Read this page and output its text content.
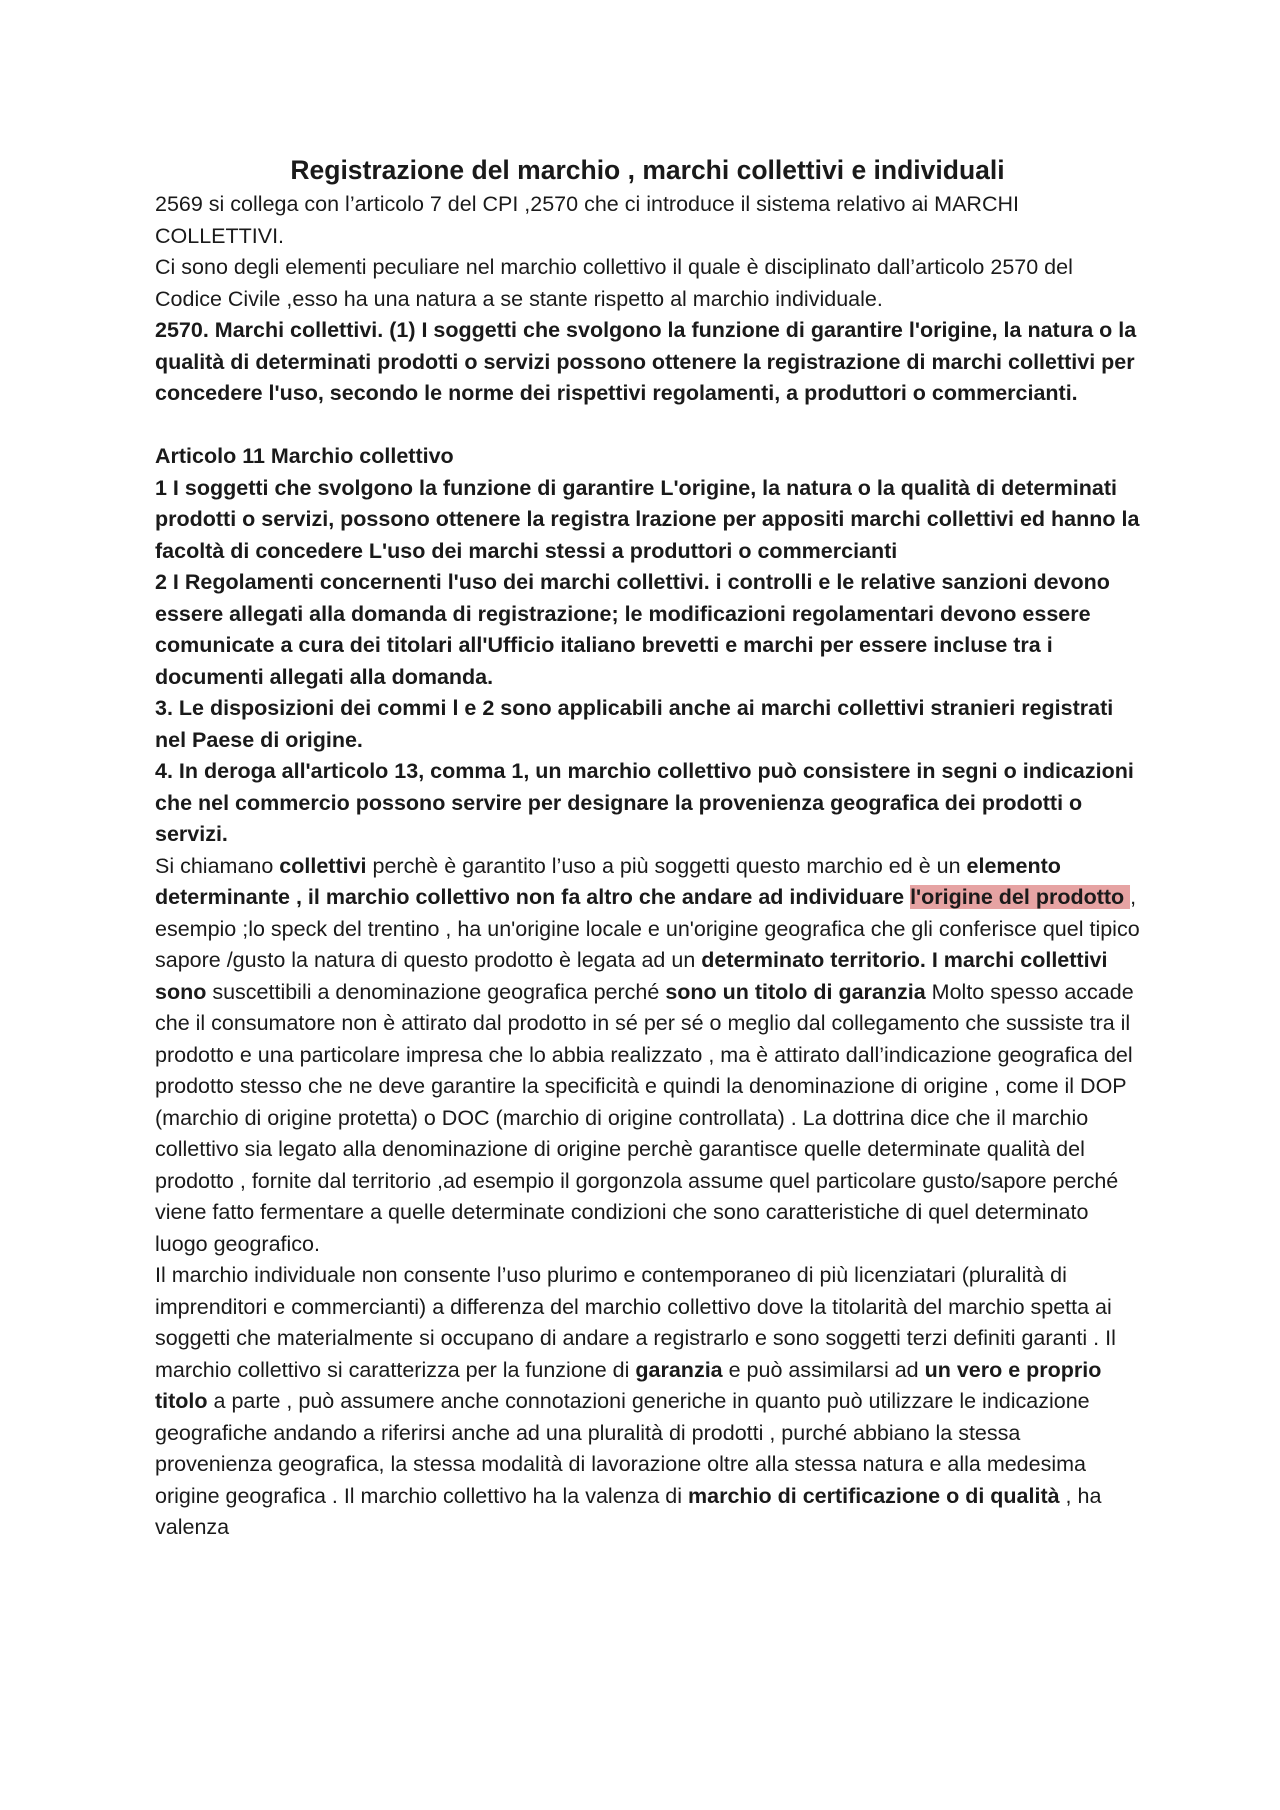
Registrazione del marchio , marchi collettivi e individuali

2569 si collega con l’articolo 7 del CPI ,2570 che ci introduce il sistema relativo ai MARCHI COLLETTIVI.

Ci sono degli elementi peculiare nel marchio collettivo il quale è disciplinato dall’articolo 2570 del Codice Civile ,esso ha una natura a se stante rispetto al marchio individuale.

2570. Marchi collettivi. (1) I soggetti che svolgono la funzione di garantire l'origine, la natura o la qualità di determinati prodotti o servizi possono ottenere la registrazione di marchi collettivi per concedere l'uso, secondo le norme dei rispettivi regolamenti, a produttori o commercianti.

Articolo 11 Marchio collettivo

1 I soggetti che svolgono la funzione di garantire L'origine, la natura o la qualità di determinati prodotti o servizi, possono ottenere la registra lrazione per appositi marchi collettivi ed hanno la facoltà di concedere L'uso dei marchi stessi a produttori o commercianti

2 I Regolamenti concernenti l'uso dei marchi collettivi. i controlli e le relative sanzioni devono essere allegati alla domanda di registrazione; le modificazioni regolamentari devono essere comunicate a cura dei titolari all'Ufficio italiano brevetti e marchi per essere incluse tra i documenti allegati alla domanda.

3. Le disposizioni dei commi l e 2 sono applicabili anche ai marchi collettivi stranieri registrati nel Paese di origine.

4. In deroga all'articolo 13, comma 1, un marchio collettivo può consistere in segni o indicazioni che nel commercio possono servire per designare la provenienza geografica dei prodotti o servizi.

Si chiamano collettivi perchè è garantito l’uso a più soggetti questo marchio ed è un elemento determinante , il marchio collettivo non fa altro che andare ad individuare l'origine del prodotto , esempio ;lo speck del trentino , ha un'origine locale e un'origine geografica che gli conferisce quel tipico sapore /gusto la natura di questo prodotto è legata ad un determinato territorio. I marchi collettivi sono suscettibili a denominazione geografica perché sono un titolo di garanzia Molto spesso accade che il consumatore non è attirato dal prodotto in sé per sé o meglio dal collegamento che sussiste tra il prodotto e una particolare impresa che lo abbia realizzato , ma è attirato dall’indicazione geografica del prodotto stesso che ne deve garantire la specificità e quindi la denominazione di origine , come il DOP (marchio di origine protetta) o DOC (marchio di origine controllata) . La dottrina dice che il marchio collettivo sia legato alla denominazione di origine perchè garantisce quelle determinate qualità del prodotto , fornite dal territorio ,ad esempio il gorgonzola assume quel particolare gusto/sapore perché viene fatto fermentare a quelle determinate condizioni che sono caratteristiche di quel determinato luogo geografico.

Il marchio individuale non consente l’uso plurimo e contemporaneo di più licenziatari (pluralità di imprenditori e commercianti) a differenza del marchio collettivo dove la titolarità del marchio spetta ai soggetti che materialmente si occupano di andare a registrarlo e sono soggetti terzi definiti garanti . Il marchio collettivo si caratterizza per la funzione di garanzia e può assimilarsi ad un vero e proprio titolo a parte , può assumere anche connotazioni generiche in quanto può utilizzare le indicazione geografiche andando a riferirsi anche ad una pluralità di prodotti , purché abbiano la stessa provenienza geografica, la stessa modalità di lavorazione oltre alla stessa natura e alla medesima origine geografica . Il marchio collettivo ha la valenza di marchio di certificazione o di qualità , ha valenza
